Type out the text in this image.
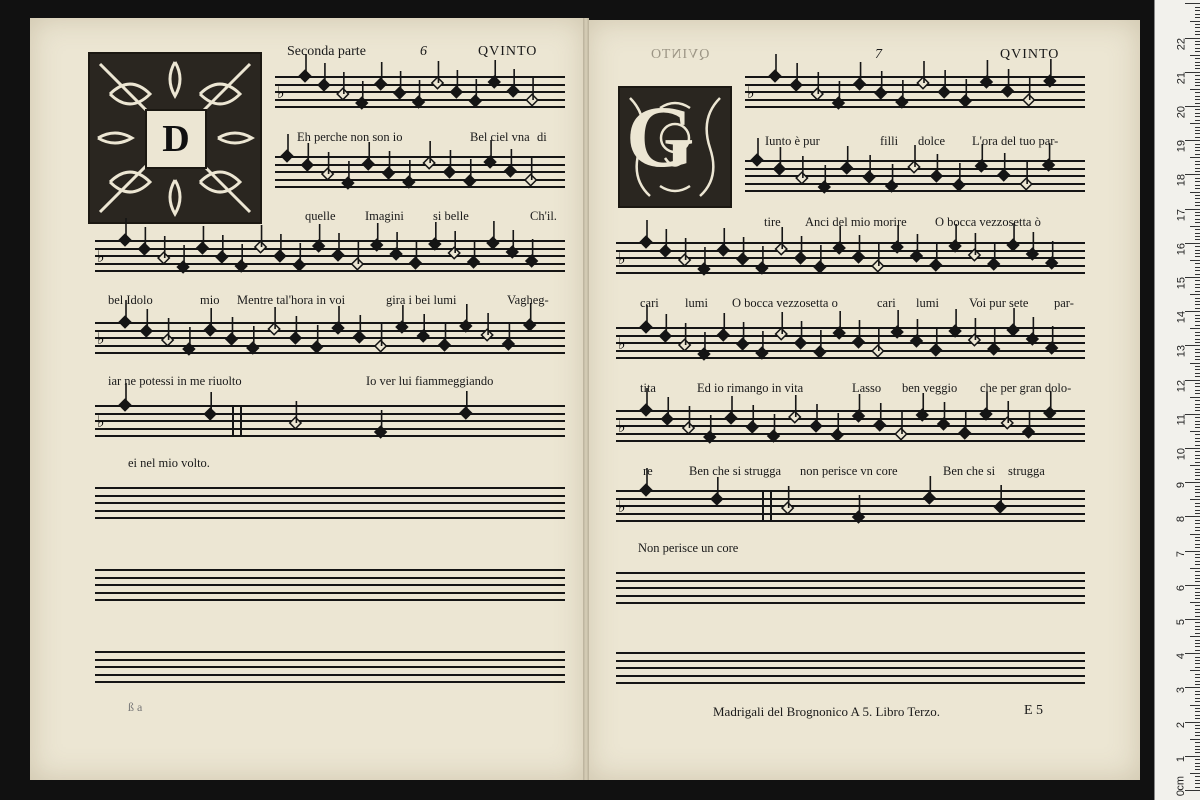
Seconda parte	6	QVINTO
D	G
QVINTO	7	QVINTO
♭
♭
♭
♭
♭
♭
♭
♭
♭
Eh perche non son io	Bel ciel vna di
quelle Imagini si belle	Ch'il.
bel Idolo	mio Mentre tal'hora in voi	gira i bei lumi	Vagheg-
iar ne potessi in me riuolto	Io ver lui fiammeggiando
ei nel mio volto.
Iunto è pur	filli dolce L'ora del tuo par-
tire Anci del mio morire O bocca vezzosetta ò
cari lumi O bocca vezzosetta o	cari lumi Voi pur sete par-
tita	Ed io rimango in vita	Lasso ben veggio che per gran dolo-
re	Ben che si strugga non perisce vn core	Ben che si strugga
Non perisce un core
ß a	Madrigali del Brognonico A 5. Libro Terzo.	E 5
0
1
2
3
4
5
6
7
8
9
10
11
12
13
14
15
16
17
18
19
20
21
22
cm
